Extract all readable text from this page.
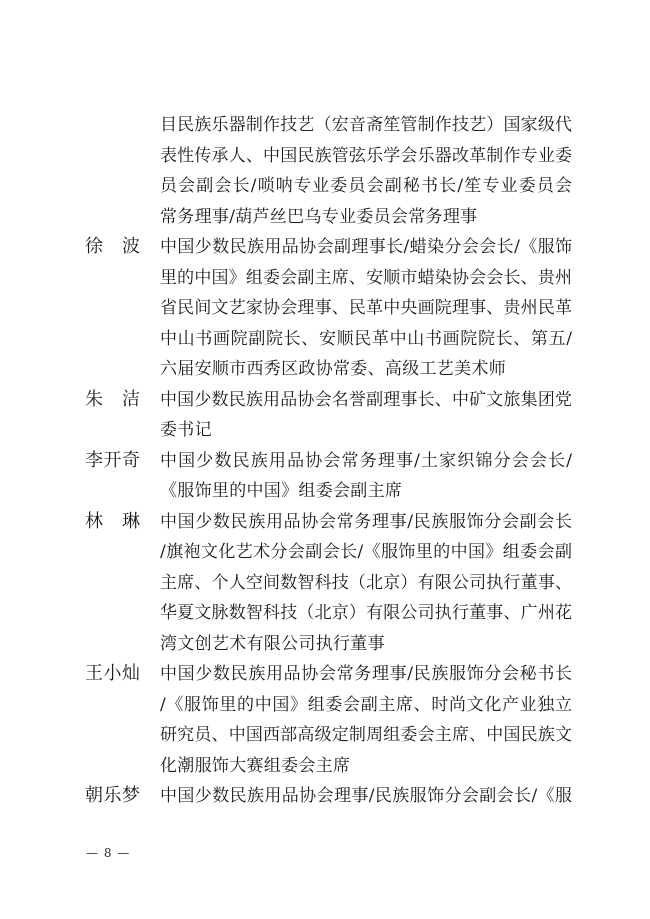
目民族乐器制作技艺（宏音斋笙管制作技艺）国家级代
表性传承人、中国民族管弦乐学会乐器改革制作专业委
员会副会长/唢呐专业委员会副秘书长/笙专业委员会
常务理事/葫芦丝巴乌专业委员会常务理事
徐波 中国少数民族用品协会副理事长/蜡染分会会长/《服饰
里的中国》组委会副主席、安顺市蜡染协会会长、贵州
省民间文艺家协会理事、民革中央画院理事、贵州民革
中山书画院副院长、安顺民革中山书画院院长、第五/
六届安顺市西秀区政协常委、高级工艺美术师
朱洁 中国少数民族用品协会名誉副理事长、中矿文旅集团党
委书记
李开奇 中国少数民族用品协会常务理事/土家织锦分会会长/
《服饰里的中国》组委会副主席
林琳 中国少数民族用品协会常务理事/民族服饰分会副会长
/旗袍文化艺术分会副会长/《服饰里的中国》组委会副
主席、个人空间数智科技（北京）有限公司执行董事、
华夏文脉数智科技（北京）有限公司执行董事、广州花
湾文创艺术有限公司执行董事
王小灿 中国少数民族用品协会常务理事/民族服饰分会秘书长
/《服饰里的中国》组委会副主席、时尚文化产业独立
研究员、中国西部高级定制周组委会主席、中国民族文
化潮服饰大赛组委会主席
朝乐梦 中国少数民族用品协会理事/民族服饰分会副会长/《服
— 8 —
